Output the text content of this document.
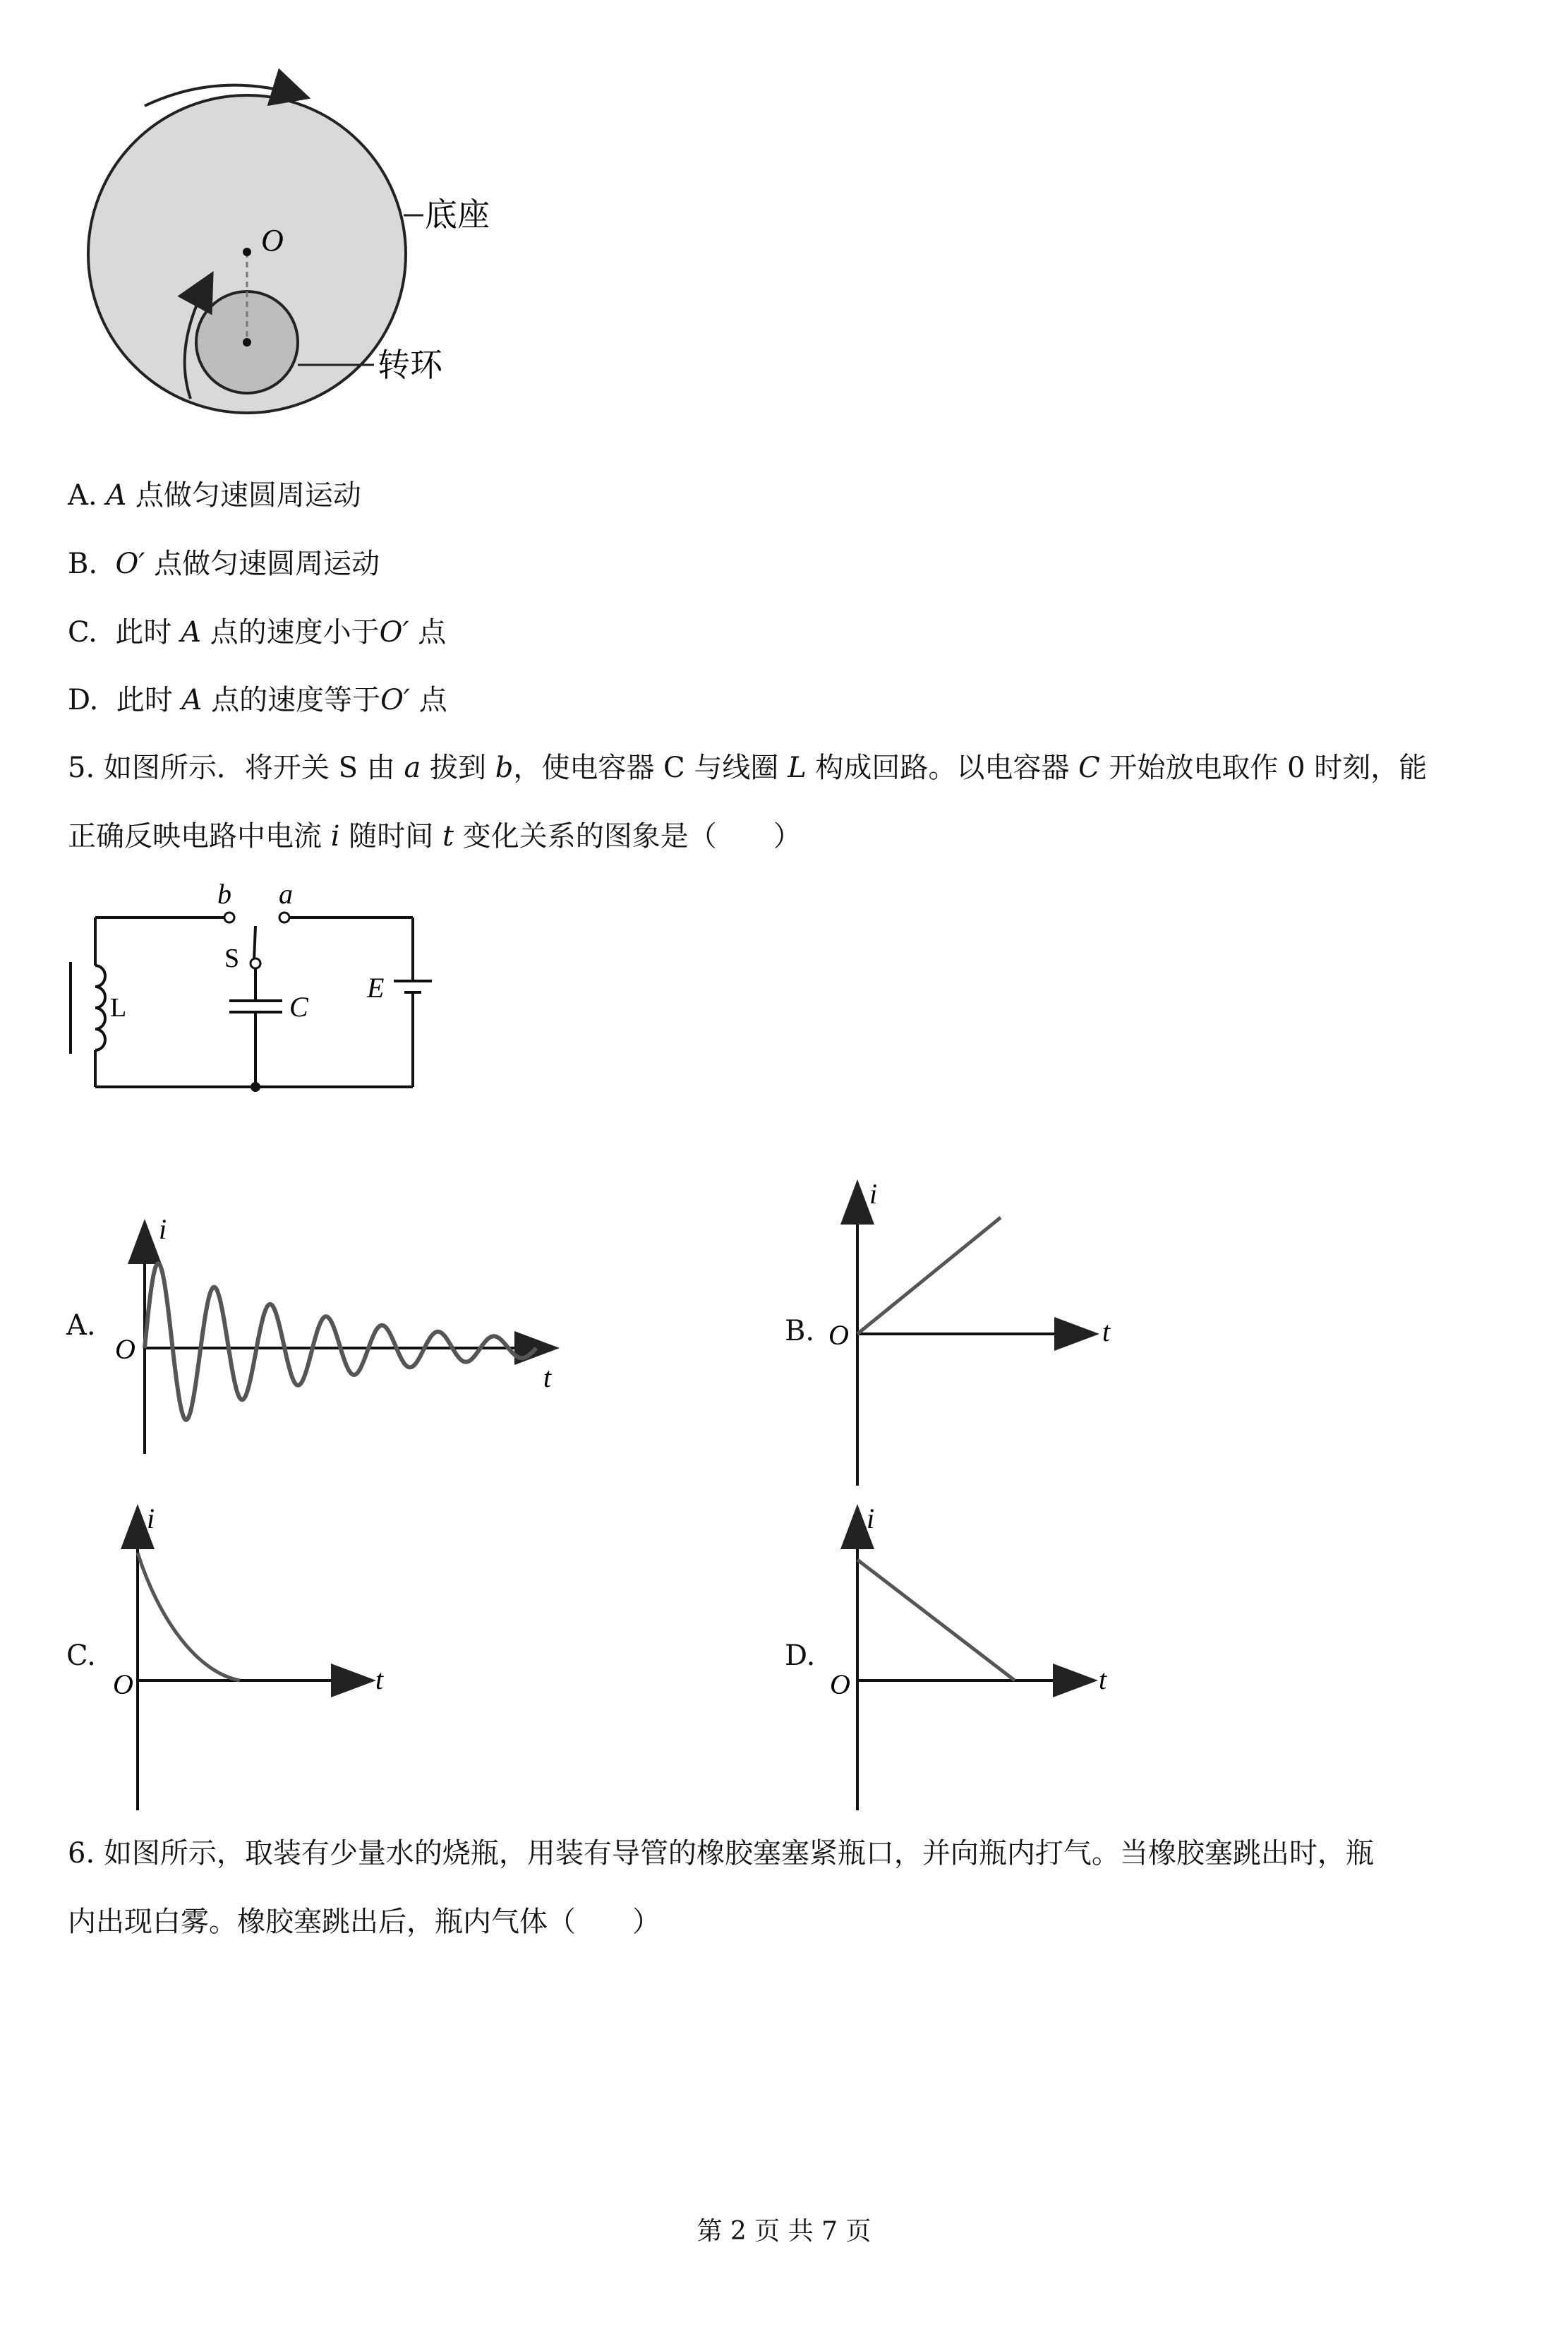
O
底座
转环
A. A 点做匀速圆周运动
B. O′ 点做匀速圆周运动
C. 此时 A 点的速度小于O′ 点
D. 此时 A 点的速度等于O′ 点
5. 如图所示．将开关 S 由 a 拔到 b，使电容器 C 与线圈 L 构成回路。以电容器 C 开始放电取作 0 时刻，能
正确反映电路中电流 i 随时间 t 变化关系的图象是（　　）
b a
S
L	C
E
A.
i
t
O
B.
i
t
O
C.
i
t
O
D.
i
t
O
6. 如图所示，取装有少量水的烧瓶，用装有导管的橡胶塞塞紧瓶口，并向瓶内打气。当橡胶塞跳出时，瓶
内出现白雾。橡胶塞跳出后，瓶内气体（　　）
第 2 页 共 7 页
